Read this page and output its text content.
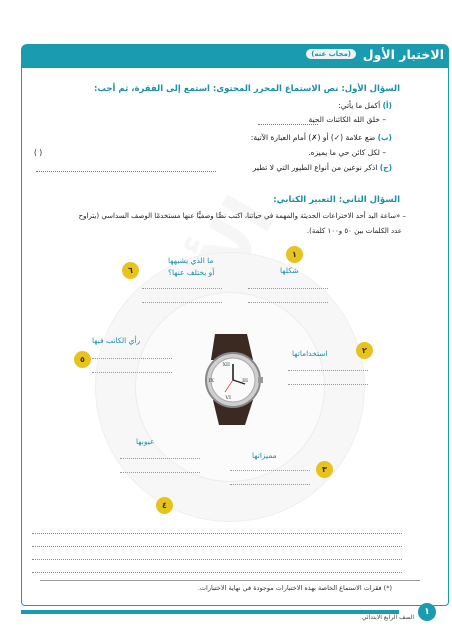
الاختبار الأول
(مجاب عنه)
السؤال الأول: نص الاستماع المحرر المحتوى: استمع إلى الفقرة، ثم أجب:
(أ) أكمل ما يأتي:
– خلق الله الكائنات الحية
(ب) ضع علامة (✓) أو (✗) أمام العبارة الآتية:
– لكل كائن حي ما يميزه.
( )
(ج) اذكر نوعين من أنواع الطيور التي لا تطير
السؤال الثاني: التعبير الكتابي:
– «ساعة اليد أحد الاختراعات الحديثة والمهمة في حياتنا، اكتب نصًّا وصفيًّا عنها مستخدمًا الوصف السداسي (يتراوح
عدد الكلمات بين ٥٠ و١٠٠ كلمة).
XII
III
VI
IX
١
شكلها
٢
استخداماتها
٣
مميزاتها
٤
عيوبها
٥
رأي الكاتب فيها
٦
ما الذي يشبهها
أو يختلف عنها؟
(*) فقرات الاستماع الخاصة بهذه الاختبارات موجودة في نهاية الاختبارات.
١
الصف الرابع الابتدائي
